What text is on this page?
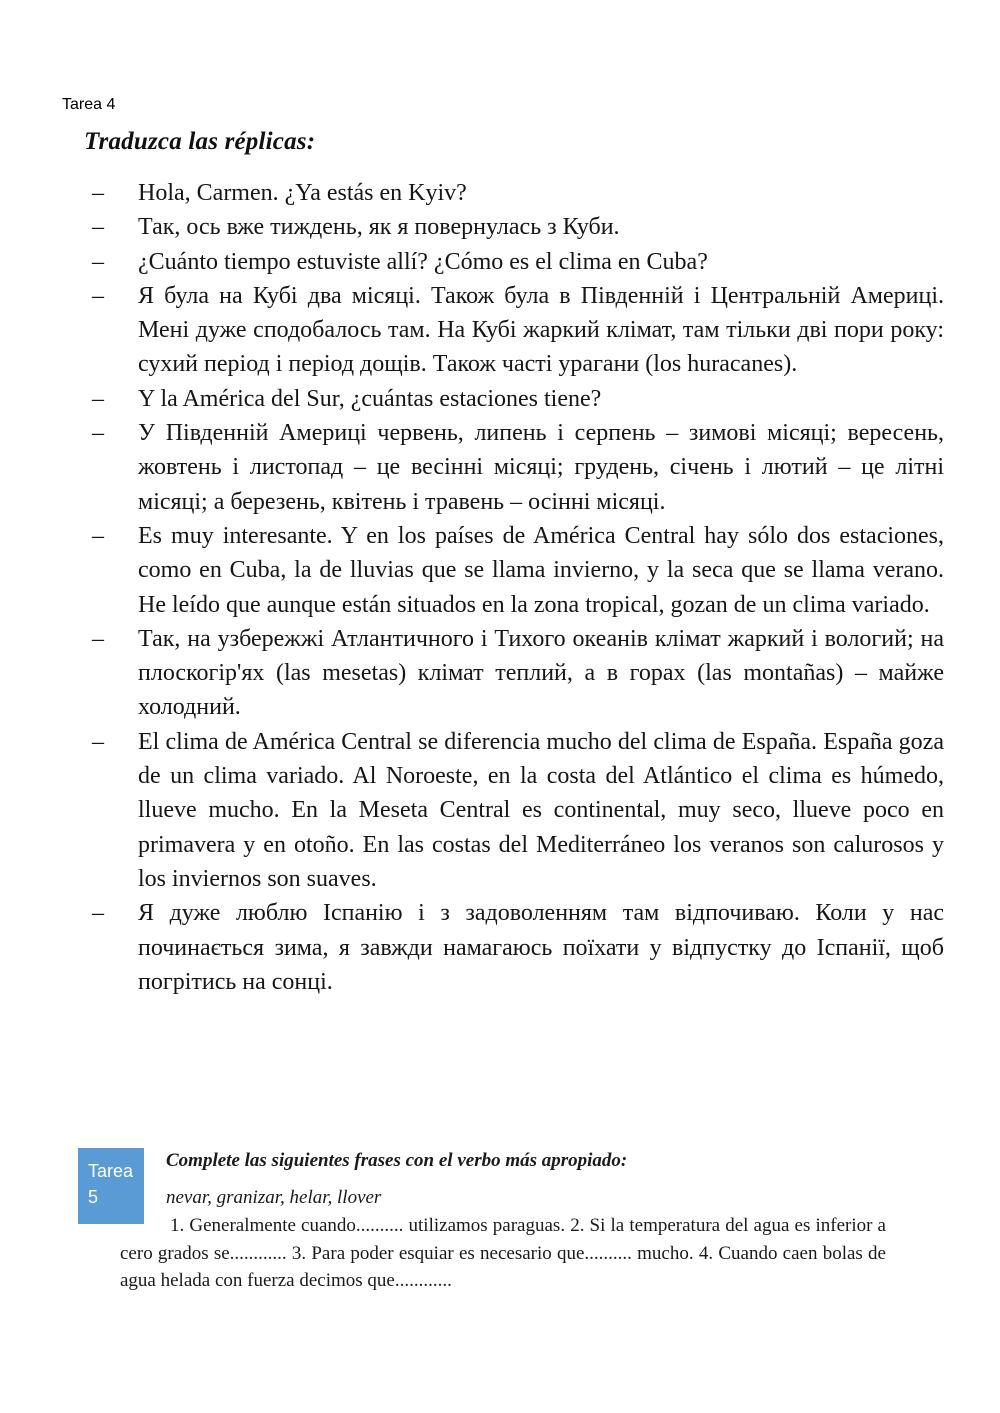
Tarea 4
Traduzca las réplicas:
–	Hola, Carmen. ¿Ya estás en Kyiv?
–	Так, ось вже тиждень, як я повернулась з Куби.
–	¿Cuánto tiempo estuviste allí? ¿Cómo es el clima en Cuba?
–	Я була на Кубі два місяці. Також була в Південній і Центральній Америці. Мені дуже сподобалось там. На Кубі жаркий клімат, там тільки дві пори року: сухий період і період дощів. Також часті урагани (los huracanes).
–	Y la América del Sur, ¿cuántas estaciones tiene?
–	У Південній Америці червень, липень і серпень – зимові місяці; вересень, жовтень і листопад – це весінні місяці; грудень, січень і лютий – це літні місяці; а березень, квітень і травень – осінні місяці.
–	Es muy interesante. Y en los países de América Central hay sólo dos estaciones, como en Cuba, la de lluvias que se llama invierno, y la seca que se llama verano. He leído que aunque están situados en la zona tropical, gozan de un clima variado.
–	Так, на узбережжі Атлантичного і Тихого океанів клімат жаркий і вологий; на плоскогір'ях (las mesetas) клімат теплий, а в горах (las montañas) – майже холодний.
–	El clima de América Central se diferencia mucho del clima de España. España goza de un clima variado. Al Noroeste, en la costa del Atlántico el clima es húmedo, llueve mucho. En la Meseta Central es continental, muy seco, llueve poco en primavera y en otoño. En las costas del Mediterráneo los veranos son calurosos y los inviernos son suaves.
–	Я дуже люблю Іспанію і з задоволенням там відпочиваю. Коли у нас починається зима, я завжди намагаюсь поїхати у відпустку до Іспанії, щоб погрітись на сонці.
Tarea
5
Complete las siguientes frases con el verbo más apropiado:
nevar, granizar, helar, llover
1. Generalmente cuando.......... utilizamos paraguas. 2. Si la temperatura del agua es inferior a cero grados se............ 3. Para poder esquiar es necesario que.......... mucho. 4. Cuando caen bolas de agua helada con fuerza decimos que............
